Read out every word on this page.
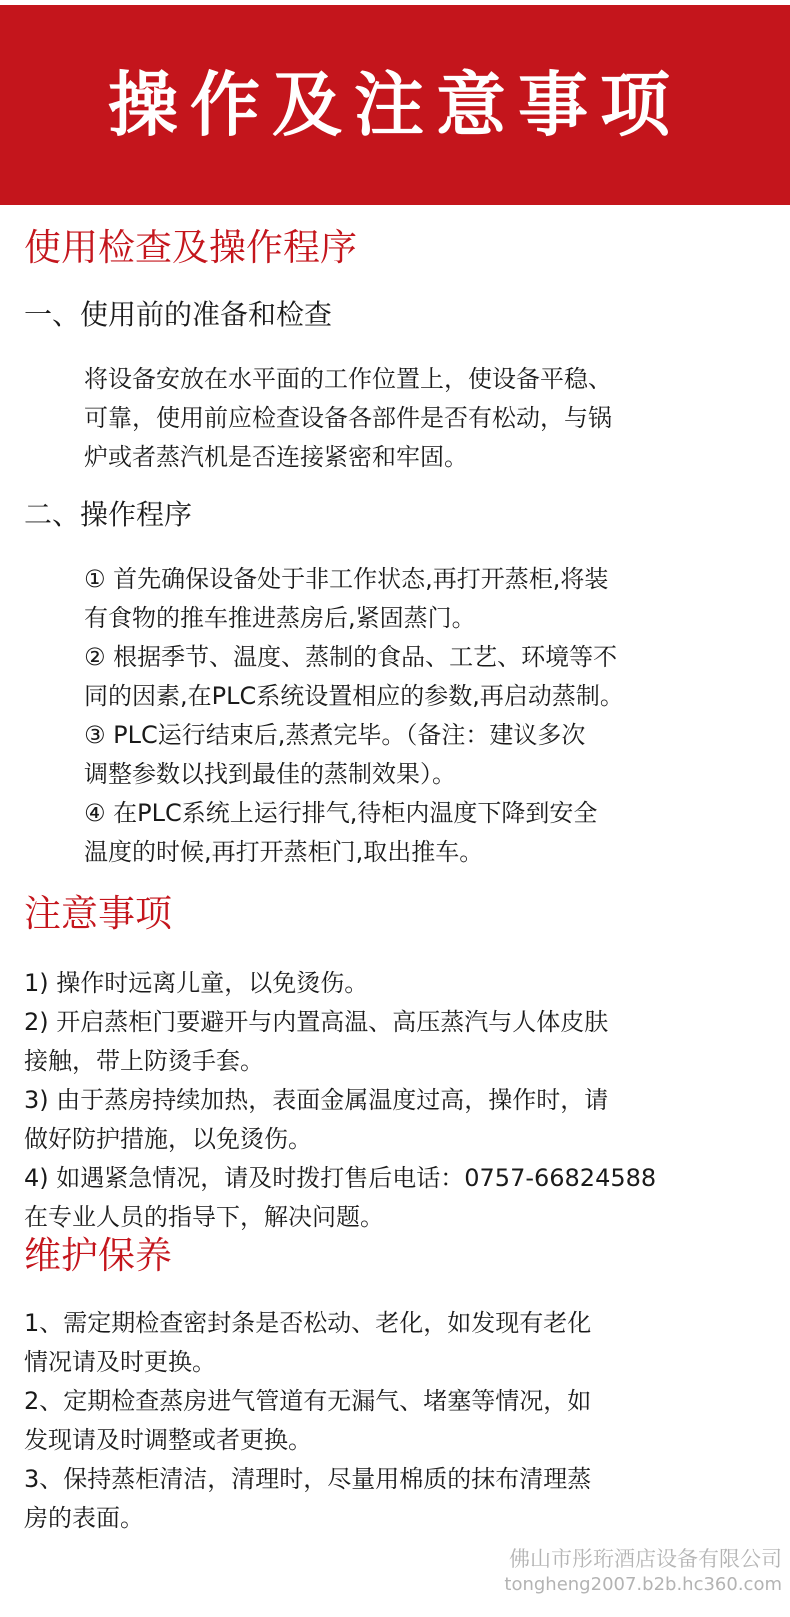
操作及注意事项
使用检查及操作程序
一、使用前的准备和检查

将设备安放在水平面的工作位置上，使设备平稳、
可靠，使用前应检查设备各部件是否有松动，与锅
炉或者蒸汽机是否连接紧密和牢固。

二、操作程序

① 首先确保设备处于非工作状态,再打开蒸柜,将装
有食物的推车推进蒸房后,紧固蒸门。
② 根据季节、温度、蒸制的食品、工艺、环境等不
同的因素,在PLC系统设置相应的参数,再启动蒸制。
③ PLC运行结束后,蒸煮完毕。（备注：建议多次
调整参数以找到最佳的蒸制效果）。
④ 在PLC系统上运行排气,待柜内温度下降到安全
温度的时候,再打开蒸柜门,取出推车。

注意事项

1) 操作时远离儿童，以免烫伤。
2) 开启蒸柜门要避开与内置高温、高压蒸汽与人体皮肤
接触，带上防烫手套。
3) 由于蒸房持续加热，表面金属温度过高，操作时，请
做好防护措施，以免烫伤。
4) 如遇紧急情况，请及时拨打售后电话：0757-66824588
在专业人员的指导下，解决问题。

维护保养

1、需定期检查密封条是否松动、老化，如发现有老化
情况请及时更换。
2、定期检查蒸房进气管道有无漏气、堵塞等情况，如
发现请及时调整或者更换。
3、保持蒸柜清洁，清理时，尽量用棉质的抹布清理蒸
房的表面。

佛山市彤珩酒店设备有限公司

tongheng2007.b2b.hc360.com
